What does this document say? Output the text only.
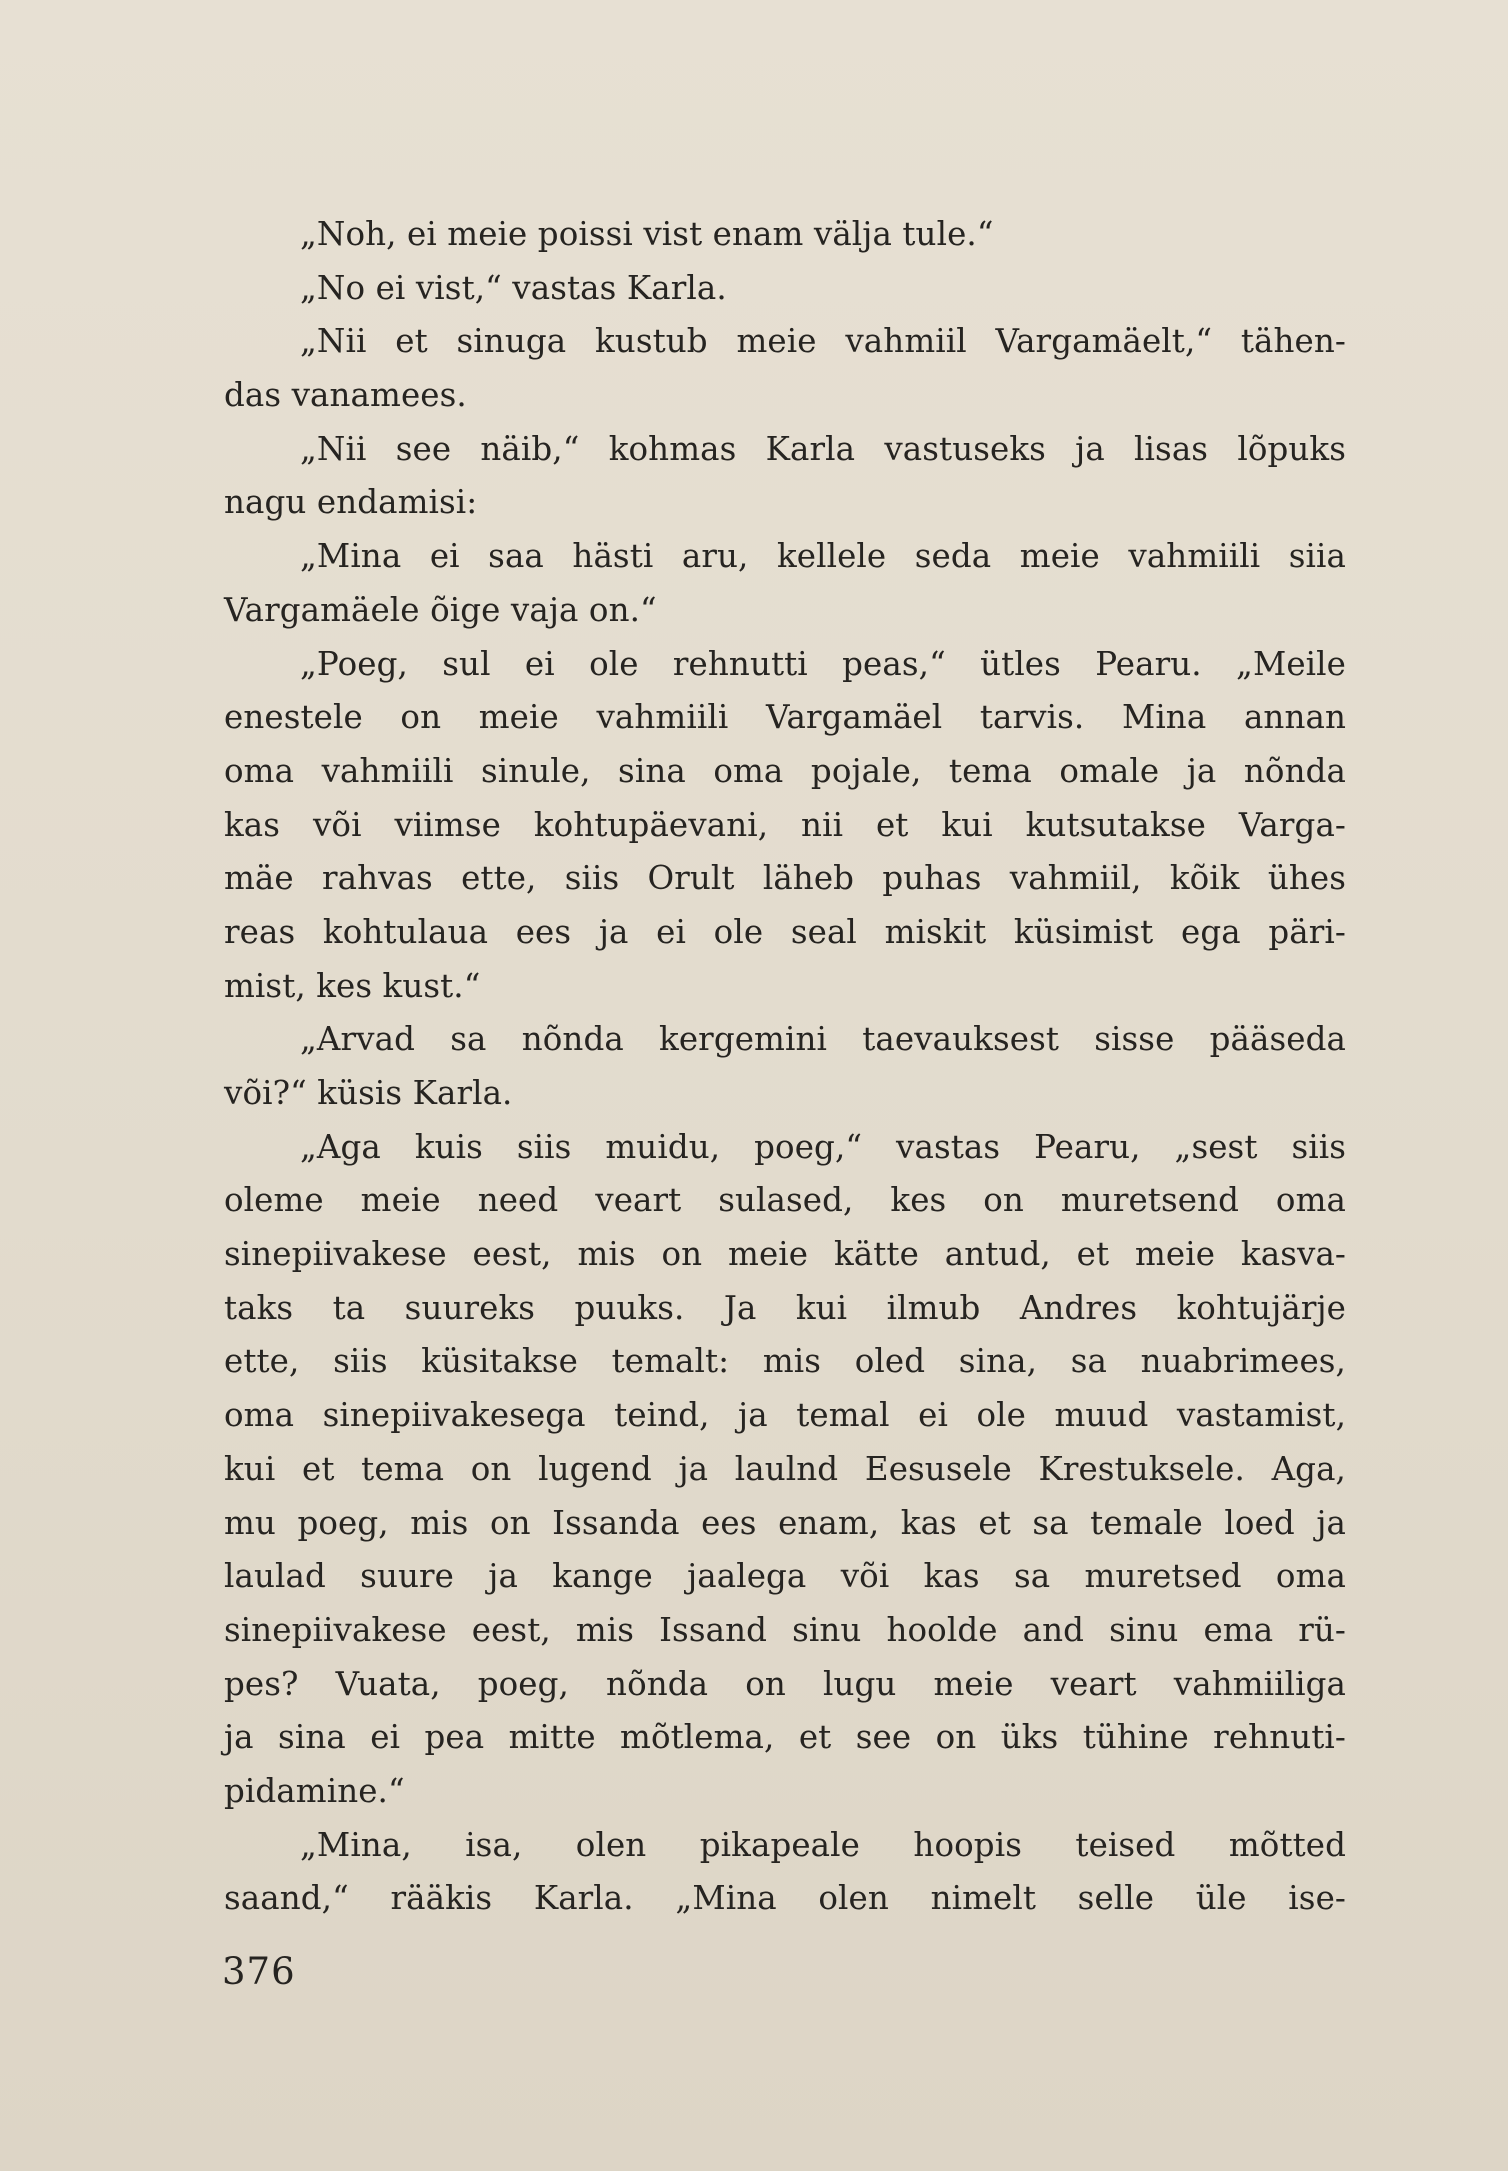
„Noh, ei meie poissi vist enam välja tule.“
„No ei vist,“ vastas Karla.
„Nii et sinuga kustub meie vahmiil Vargamäelt,“ tähen-
das vanamees.
„Nii see näib,“ kohmas Karla vastuseks ja lisas lõpuks
nagu endamisi:
„Mina ei saa hästi aru, kellele seda meie vahmiili siia
Vargamäele õige vaja on.“
„Poeg, sul ei ole rehnutti peas,“ ütles Pearu. „Meile
enestele on meie vahmiili Vargamäel tarvis. Mina annan
oma vahmiili sinule, sina oma pojale, tema omale ja nõnda
kas või viimse kohtupäevani, nii et kui kutsutakse Varga-
mäe rahvas ette, siis Orult läheb puhas vahmiil, kõik ühes
reas kohtulaua ees ja ei ole seal miskit küsimist ega päri-
mist, kes kust.“
„Arvad sa nõnda kergemini taevauksest sisse pääseda
või?“ küsis Karla.
„Aga kuis siis muidu, poeg,“ vastas Pearu, „sest siis
oleme meie need veart sulased, kes on muretsend oma
sinepiivakese eest, mis on meie kätte antud, et meie kasva-
taks ta suureks puuks. Ja kui ilmub Andres kohtujärje
ette, siis küsitakse temalt: mis oled sina, sa nuabrimees,
oma sinepiivakesega teind, ja temal ei ole muud vastamist,
kui et tema on lugend ja laulnd Eesusele Krestuksele. Aga,
mu poeg, mis on Issanda ees enam, kas et sa temale loed ja
laulad suure ja kange jaalega või kas sa muretsed oma
sinepiivakese eest, mis Issand sinu hoolde and sinu ema rü-
pes? Vuata, poeg, nõnda on lugu meie veart vahmiiliga
ja sina ei pea mitte mõtlema, et see on üks tühine rehnuti-
pidamine.“
„Mina, isa, olen pikapeale hoopis teised mõtted
saand,“ rääkis Karla. „Mina olen nimelt selle üle ise-
376
